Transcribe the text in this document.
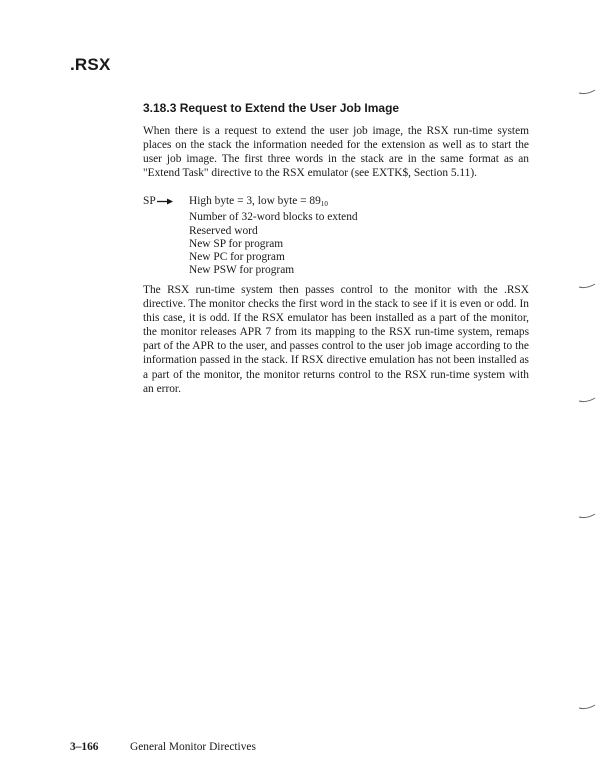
.RSX
3.18.3 Request to Extend the User Job Image
When there is a request to extend the user job image, the RSX run-time system places on the stack the information needed for the extension as well as to start the user job image. The first three words in the stack are in the same format as an "Extend Task" directive to the RSX emulator (see EXTK$, Section 5.11).
SP	High byte = 3, low byte = $89_{10}$
Number of 32-word blocks to extend
Reserved word
New SP for program
New PC for program
New PSW for program
The RSX run-time system then passes control to the monitor with the .RSX directive. The monitor checks the first word in the stack to see if it is even or odd. In this case, it is odd. If the RSX emulator has been installed as a part of the monitor, the monitor releases APR 7 from its mapping to the RSX run-time system, remaps part of the APR to the user, and passes control to the user job image according to the information passed in the stack. If RSX directive emulation has not been installed as a part of the monitor, the monitor returns control to the RSX run-time system with an error.
3–166	General Monitor Directives
